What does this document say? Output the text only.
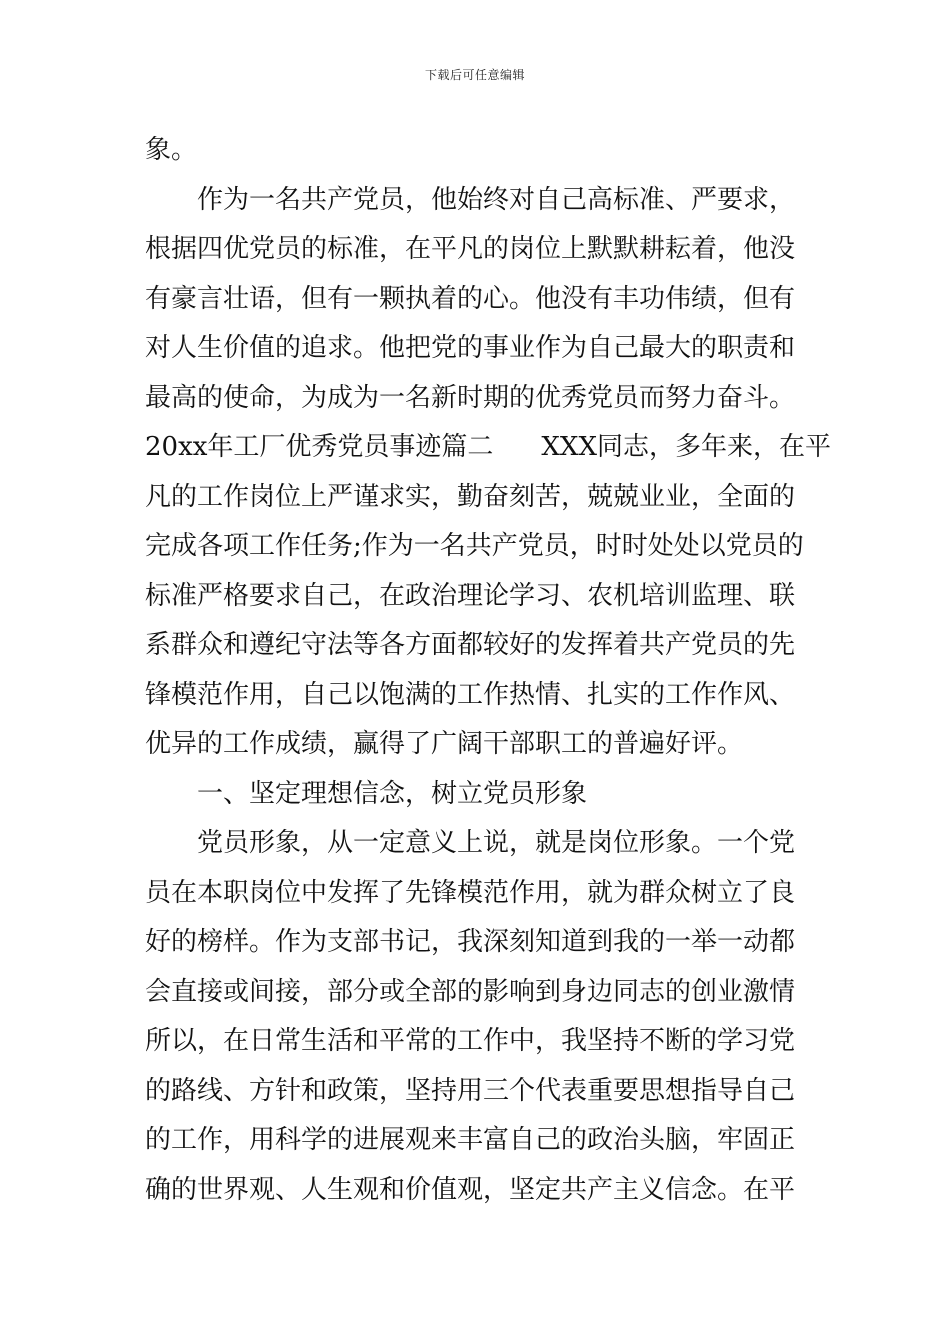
下载后可任意编辑
象。
作为一名共产党员，他始终对自己高标准、严要求，
根据四优党员的标准，在平凡的岗位上默默耕耘着，他没
有豪言壮语，但有一颗执着的心。他没有丰功伟绩，但有
对人生价值的追求。他把党的事业作为自己最大的职责和
最高的使命，为成为一名新时期的优秀党员而努力奋斗。
20xx年工厂优秀党员事迹篇二 XXX同志，多年来，在平
凡的工作岗位上严谨求实，勤奋刻苦，兢兢业业，全面的
完成各项工作任务;作为一名共产党员，时时处处以党员的
标准严格要求自己，在政治理论学习、农机培训监理、联
系群众和遵纪守法等各方面都较好的发挥着共产党员的先
锋模范作用，自己以饱满的工作热情、扎实的工作作风、
优异的工作成绩，赢得了广阔干部职工的普遍好评。
一、坚定理想信念，树立党员形象
党员形象，从一定意义上说，就是岗位形象。一个党
员在本职岗位中发挥了先锋模范作用，就为群众树立了良
好的榜样。作为支部书记，我深刻知道到我的一举一动都
会直接或间接，部分或全部的影响到身边同志的创业激情
所以，在日常生活和平常的工作中，我坚持不断的学习党
的路线、方针和政策，坚持用三个代表重要思想指导自己
的工作，用科学的进展观来丰富自己的政治头脑，牢固正
确的世界观、人生观和价值观，坚定共产主义信念。在平
